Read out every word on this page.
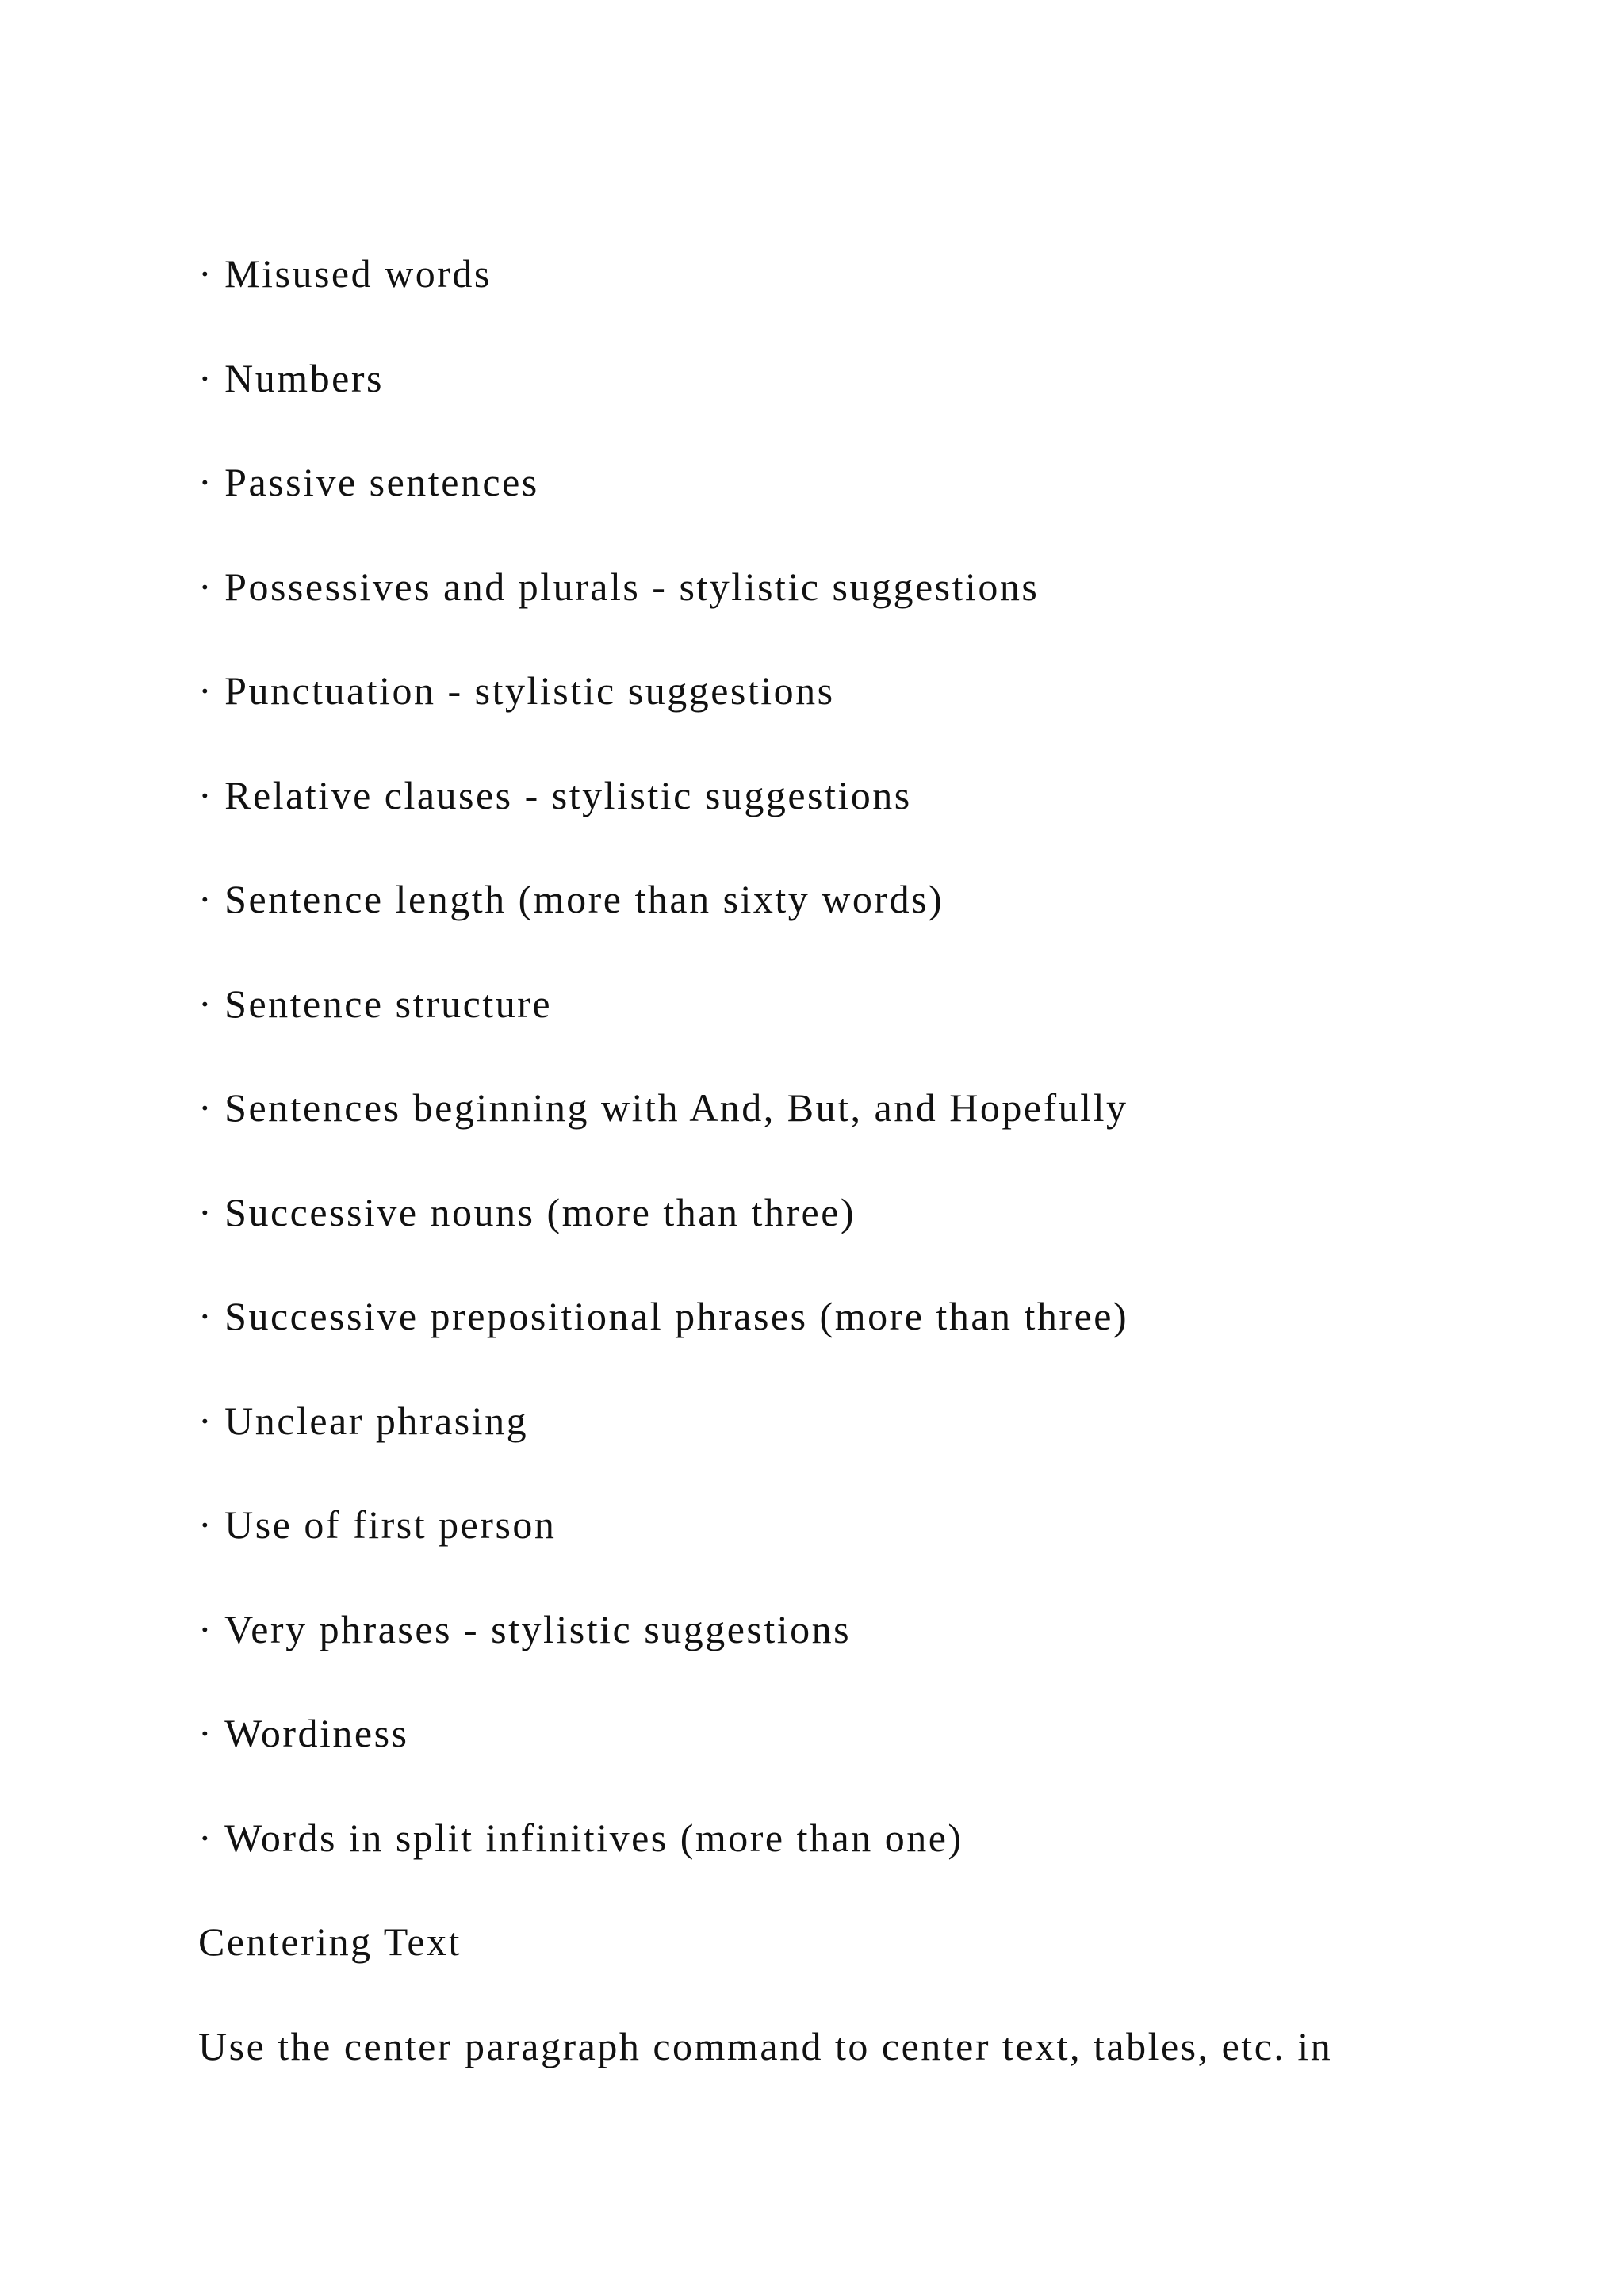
· Misused words
· Numbers
· Passive sentences
· Possessives and plurals - stylistic suggestions
· Punctuation - stylistic suggestions
· Relative clauses - stylistic suggestions
· Sentence length (more than sixty words)
· Sentence structure
· Sentences beginning with And, But, and Hopefully
· Successive nouns (more than three)
· Successive prepositional phrases (more than three)
· Unclear phrasing
· Use of first person
· Very phrases - stylistic suggestions
· Wordiness
· Words in split infinitives (more than one)
Centering Text
Use the center paragraph command to center text, tables, etc. in
